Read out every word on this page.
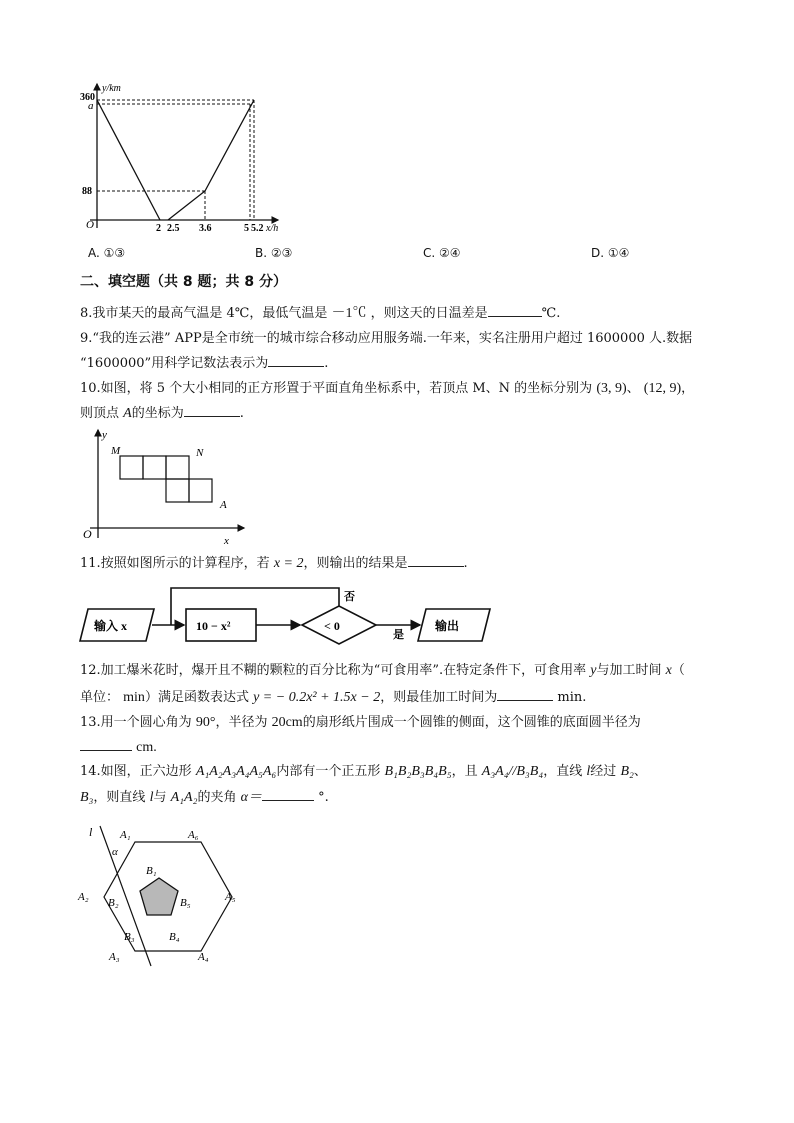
y/km
x/h
O
360
a
88
2 2.5 3.6	5 5.2
A. ①③	B. ②③	C. ②④	D. ①④
二、填空题（共 8 题；共 8 分）
8.我市某天的最高气温是 4℃，最低气温是 －1℃ ，则这天的日温差是	℃.
9.“我的连云港” APP是全市统一的城市综合移动应用服务端.一年来，实名注册用户超过 1600000 人.数据
“1600000”用科学记数法表示为	.
10.如图，将 5 个大小相同的正方形置于平面直角坐标系中，若顶点 M、N 的坐标分别为 (3, 9)、 (12, 9)，
则顶点 A的坐标为	.
y
x
O
M	N
A
11.按照如图所示的计算程序，若 x = 2，则输出的结果是	.
输入 x	10 − x²	< 0
否
是
输出
12.加工爆米花时，爆开且不糊的颗粒的百分比称为“可食用率”.在特定条件下，可食用率 y与加工时间 x（
单位： min）满足函数表达式 y = − 0.2x² + 1.5x − 2，则最佳加工时间为	min.
13.用一个圆心角为 90°，半径为 20cm的扇形纸片围成一个圆锥的侧面，这个圆锥的底面圆半径为
cm.
14.如图，正六边形 A₁A₂A₃A₄A₅A₆内部有一个正五形 B₁B₂B₃B₄B₅，且 A₃A₄//B₃B₄，直线 l经过 B₂、
B₃，则直线 l与 A₁A₂的夹角 α＝	°.
l
α
A₁	A₆
A₂	A₅
A₃	A₄
B₁
B₂	B₅
B₃	B₄
